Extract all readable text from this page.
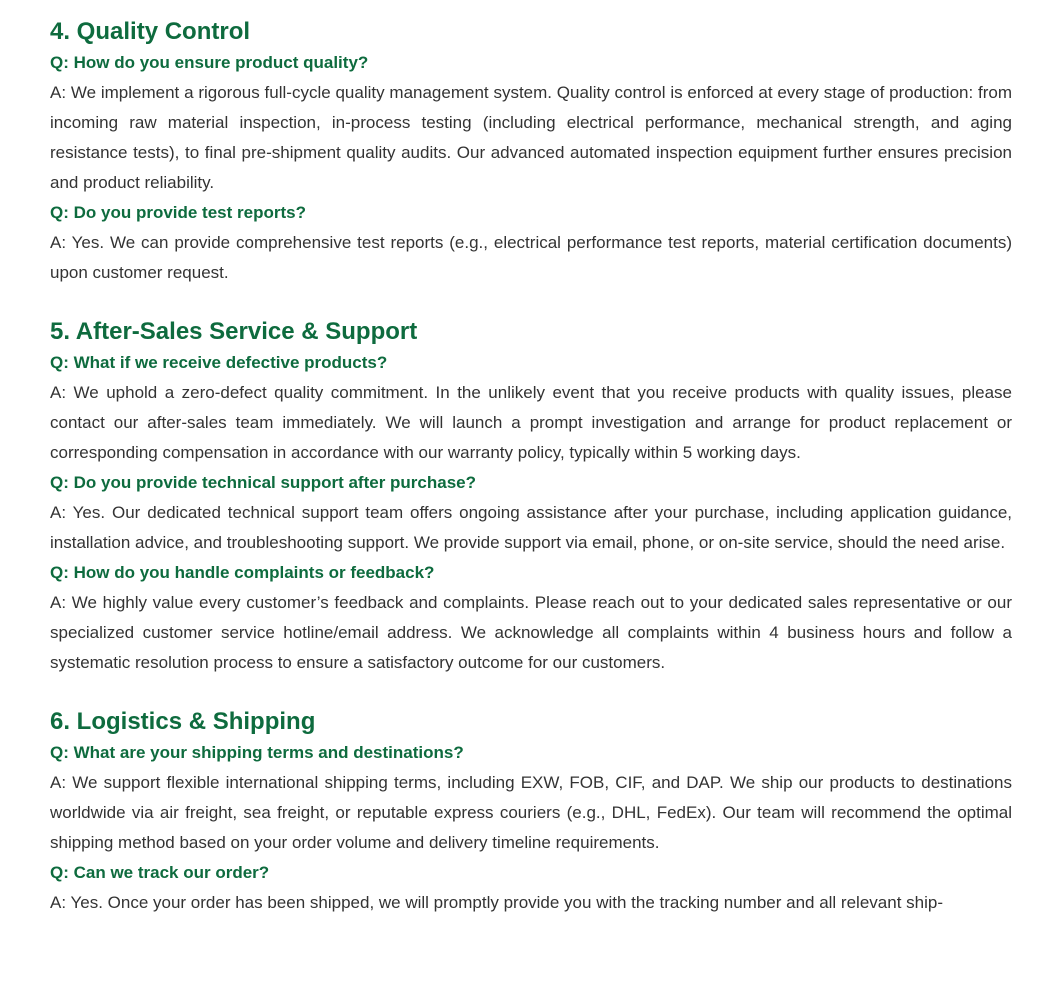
4. Quality Control

Q: How do you ensure product quality?

A: We implement a rigorous full-cycle quality management system. Quality control is enforced at every stage of production: from incoming raw material inspection, in-process testing (including electrical performance, mechanical strength, and aging resistance tests), to final pre-shipment quality audits. Our advanced automated inspection equipment further ensures precision and product reliability.

Q: Do you provide test reports?

A: Yes. We can provide comprehensive test reports (e.g., electrical performance test reports, material certification documents) upon customer request.

5. After-Sales Service & Support

Q: What if we receive defective products?

A: We uphold a zero-defect quality commitment. In the unlikely event that you receive products with quality issues, please contact our after-sales team immediately. We will launch a prompt investigation and arrange for product replacement or corresponding compensation in accordance with our warranty policy, typically within 5 working days.

Q: Do you provide technical support after purchase?

A: Yes. Our dedicated technical support team offers ongoing assistance after your purchase, including application guidance, installation advice, and troubleshooting support. We provide support via email, phone, or on-site service, should the need arise.

Q: How do you handle complaints or feedback?

A: We highly value every customer’s feedback and complaints. Please reach out to your dedicated sales representative or our specialized customer service hotline/email address. We acknowledge all complaints within 4 business hours and follow a systematic resolution process to ensure a satisfactory outcome for our customers.

6. Logistics & Shipping

Q: What are your shipping terms and destinations?

A: We support flexible international shipping terms, including EXW, FOB, CIF, and DAP. We ship our products to destinations worldwide via air freight, sea freight, or reputable express couriers (e.g., DHL, FedEx). Our team will recommend the optimal shipping method based on your order volume and delivery timeline requirements.

Q: Can we track our order?

A: Yes. Once your order has been shipped, we will promptly provide you with the tracking number and all relevant ship-
